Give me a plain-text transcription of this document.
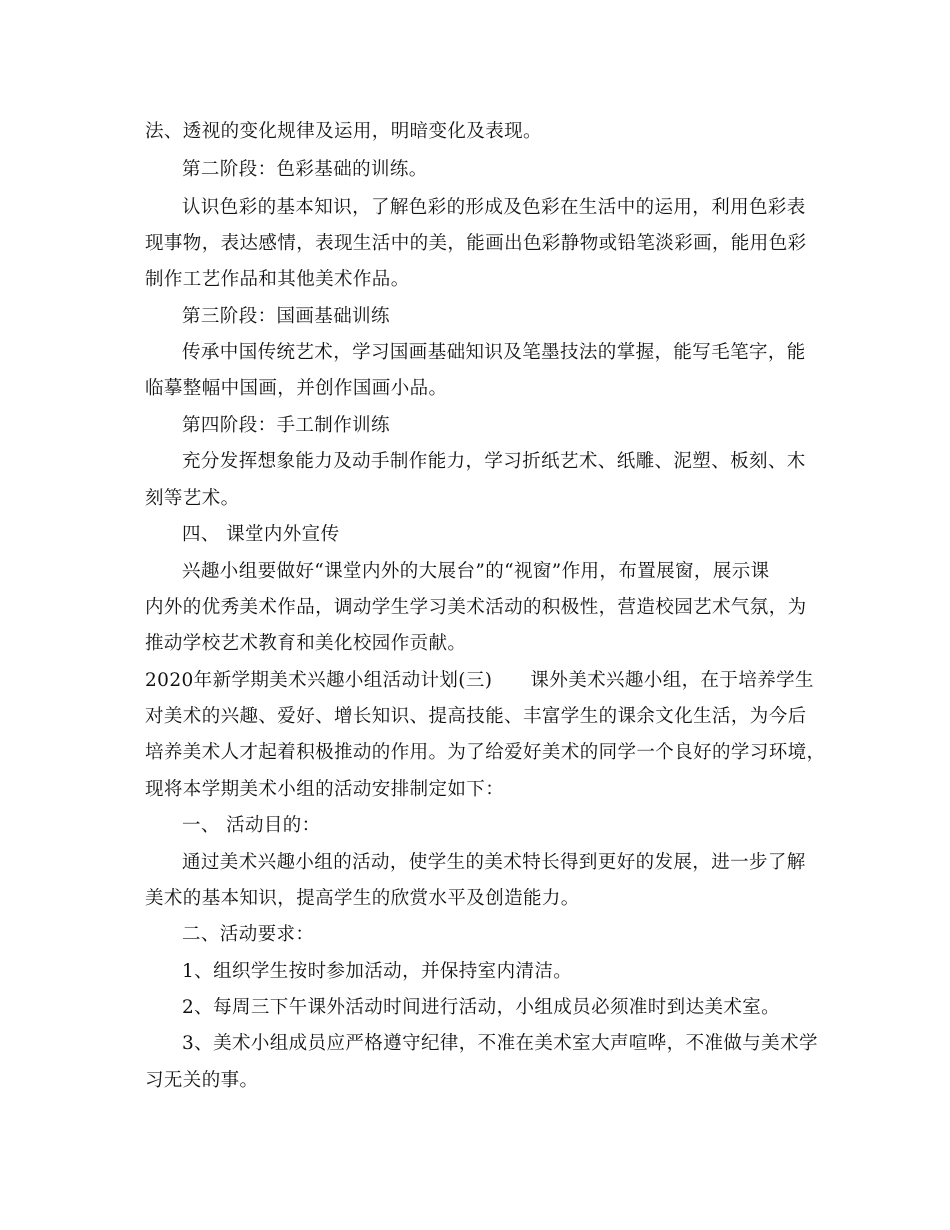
法、透视的变化规律及运用，明暗变化及表现。
第二阶段：色彩基础的训练。
认识色彩的基本知识，了解色彩的形成及色彩在生活中的运用，利用色彩表
现事物，表达感情，表现生活中的美，能画出色彩静物或铅笔淡彩画，能用色彩
制作工艺作品和其他美术作品。
第三阶段：国画基础训练
传承中国传统艺术，学习国画基础知识及笔墨技法的掌握，能写毛笔字，能
临摹整幅中国画，并创作国画小品。
第四阶段：手工制作训练
充分发挥想象能力及动手制作能力，学习折纸艺术、纸雕、泥塑、板刻、木
刻等艺术。
四、 课堂内外宣传
兴趣小组要做好“课堂内外的大展台”的“视窗”作用，布置展窗，展示课
内外的优秀美术作品，调动学生学习美术活动的积极性，营造校园艺术气氛，为
推动学校艺术教育和美化校园作贡献。
2020年新学期美术兴趣小组活动计划(三) 课外美术兴趣小组，在于培养学生
对美术的兴趣、爱好、增长知识、提高技能、丰富学生的课余文化生活，为今后
培养美术人才起着积极推动的作用。为了给爱好美术的同学一个良好的学习环境，
现将本学期美术小组的活动安排制定如下：
一、 活动目的：
通过美术兴趣小组的活动，使学生的美术特长得到更好的发展，进一步了解
美术的基本知识，提高学生的欣赏水平及创造能力。
二、活动要求：
1、组织学生按时参加活动，并保持室内清洁。
2、每周三下午课外活动时间进行活动，小组成员必须准时到达美术室。
3、美术小组成员应严格遵守纪律，不准在美术室大声喧哗，不准做与美术学
习无关的事。
